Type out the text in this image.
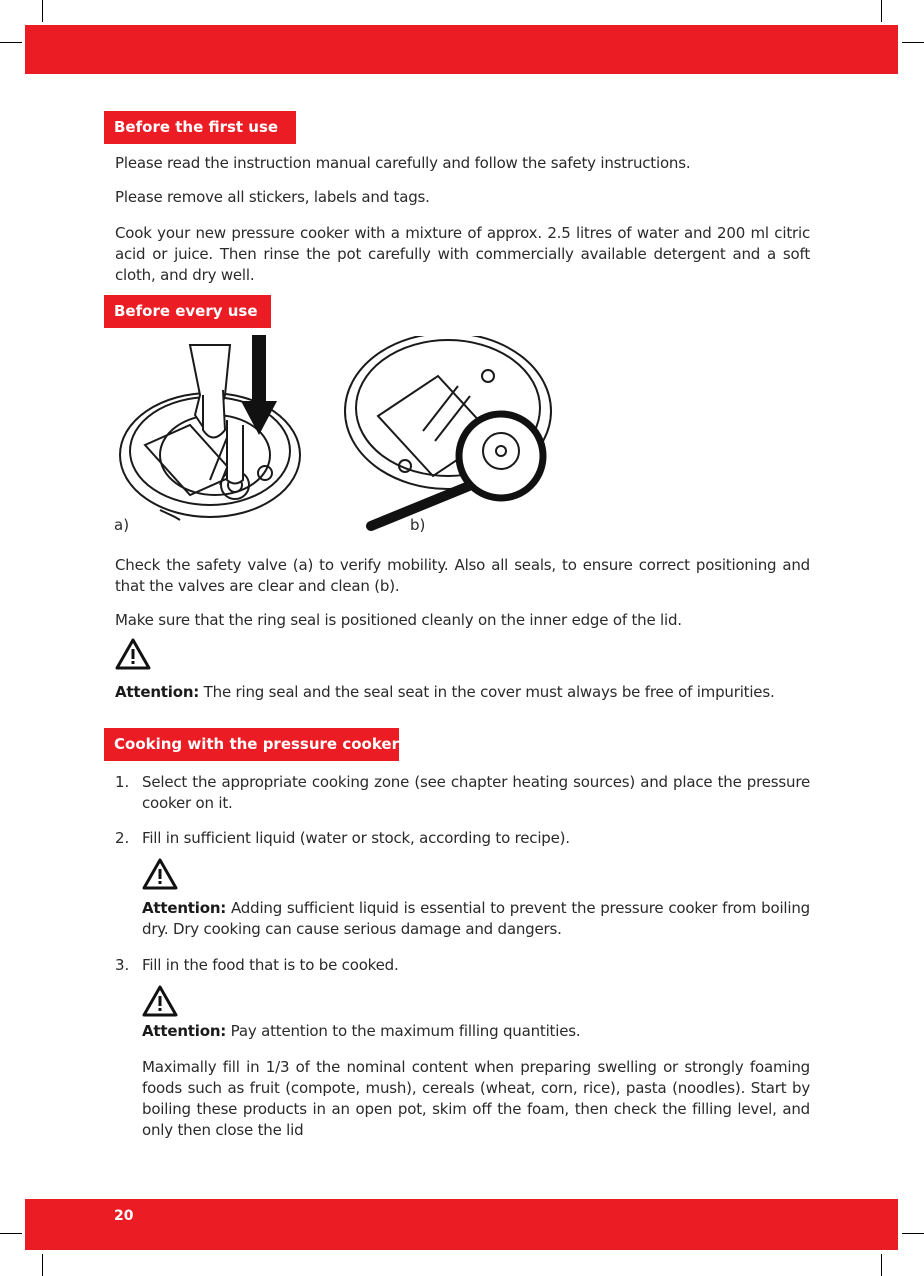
Before the first use

Please read the instruction manual carefully and follow the safety instructions.

Please remove all stickers, labels and tags.

Cook your new pressure cooker with a mixture of approx. 2.5 litres of water and 200 ml citric acid or juice. Then rinse the pot carefully with commercially available detergent and a soft cloth, and dry well.

Before every use
a)	b)

Check the safety valve (a) to verify mobility. Also all seals, to ensure correct positioning and that the valves are clear and clean (b).

Make sure that the ring seal is positioned cleanly on the inner edge of the lid.

Attention: The ring seal and the seal seat in the cover must always be free of impurities.

Cooking with the pressure cooker
1. Select the appropriate cooking zone (see chapter heating sources) and place the pressure cooker on it.

2. Fill in sufficient liquid (water or stock, according to recipe).

Attention: Adding sufficient liquid is essential to prevent the pressure cooker from boiling dry. Dry cooking can cause serious damage and dangers.

3. Fill in the food that is to be cooked.

Attention: Pay attention to the maximum filling quantities.

Maximally fill in 1/3 of the nominal content when preparing swelling or strongly foaming foods such as fruit (compote, mush), cereals (wheat, corn, rice), pasta (noodles). Start by boiling these products in an open pot, skim off the foam, then check the filling level, and only then close the lid

20
